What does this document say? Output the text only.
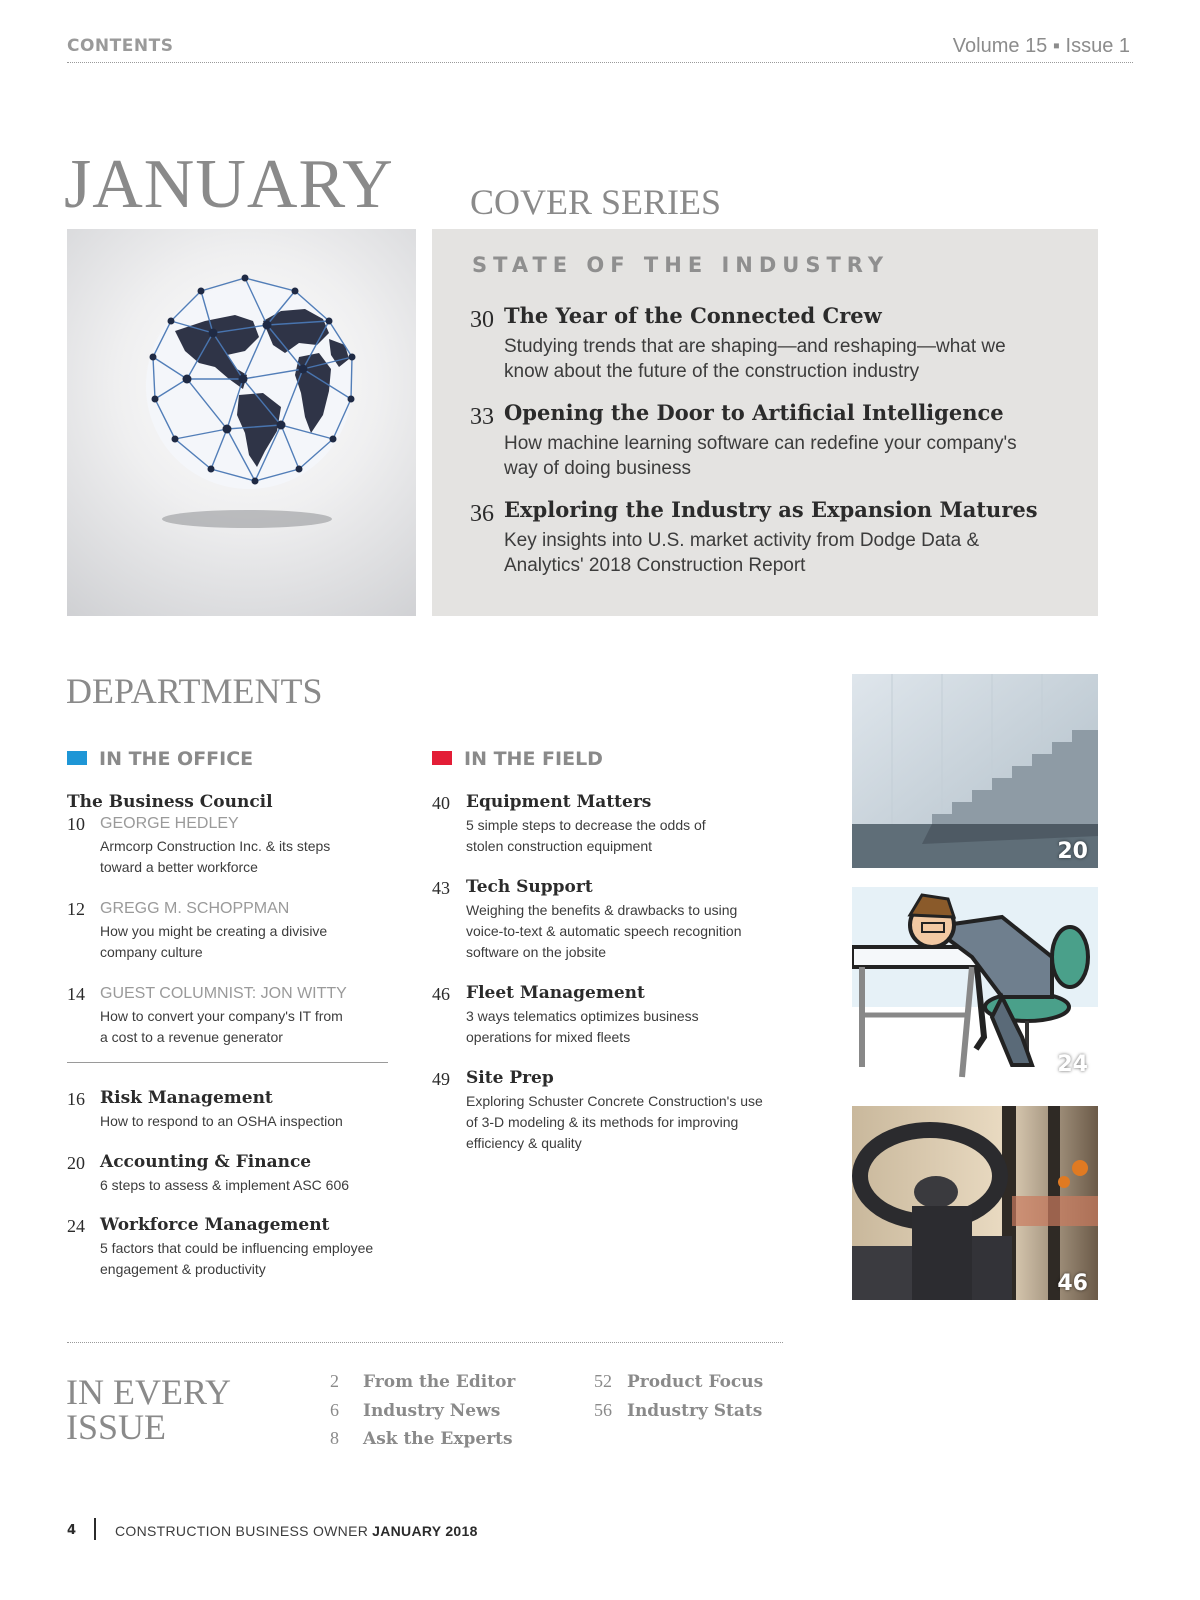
CONTENTS	Volume 15 ▪ Issue 1
JANUARY COVER SERIES
STATE OF THE INDUSTRY
30 The Year of the Connected Crew
Studying trends that are shaping—and reshaping—what we know about the future of the construction industry
33 Opening the Door to Artificial Intelligence
How machine learning software can redefine your company's way of doing business
36 Exploring the Industry as Expansion Matures
Key insights into U.S. market activity from Dodge Data & Analytics' 2018 Construction Report
DEPARTMENTS
IN THE OFFICE	IN THE FIELD
The Business Council
10 GEORGE HEDLEY
Armcorp Construction Inc. & its steps toward a better workforce
12 GREGG M. SCHOPPMAN
How you might be creating a divisive company culture
14 GUEST COLUMNIST: JON WITTY
How to convert your company's IT from a cost to a revenue generator
16 Risk Management
How to respond to an OSHA inspection
20 Accounting & Finance
6 steps to assess & implement ASC 606
24 Workforce Management
5 factors that could be influencing employee engagement & productivity
40 Equipment Matters
5 simple steps to decrease the odds of stolen construction equipment
43 Tech Support
Weighing the benefits & drawbacks to using voice-to-text & automatic speech recognition software on the jobsite
46 Fleet Management
3 ways telematics optimizes business operations for mixed fleets
49 Site Prep
Exploring Schuster Concrete Construction's use of 3-D modeling & its methods for improving efficiency & quality
20
24
46
IN EVERY
ISSUE
2 From the Editor
6 Industry News
8 Ask the Experts
52 Product Focus
56 Industry Stats
4	CONSTRUCTION BUSINESS OWNER JANUARY 2018
